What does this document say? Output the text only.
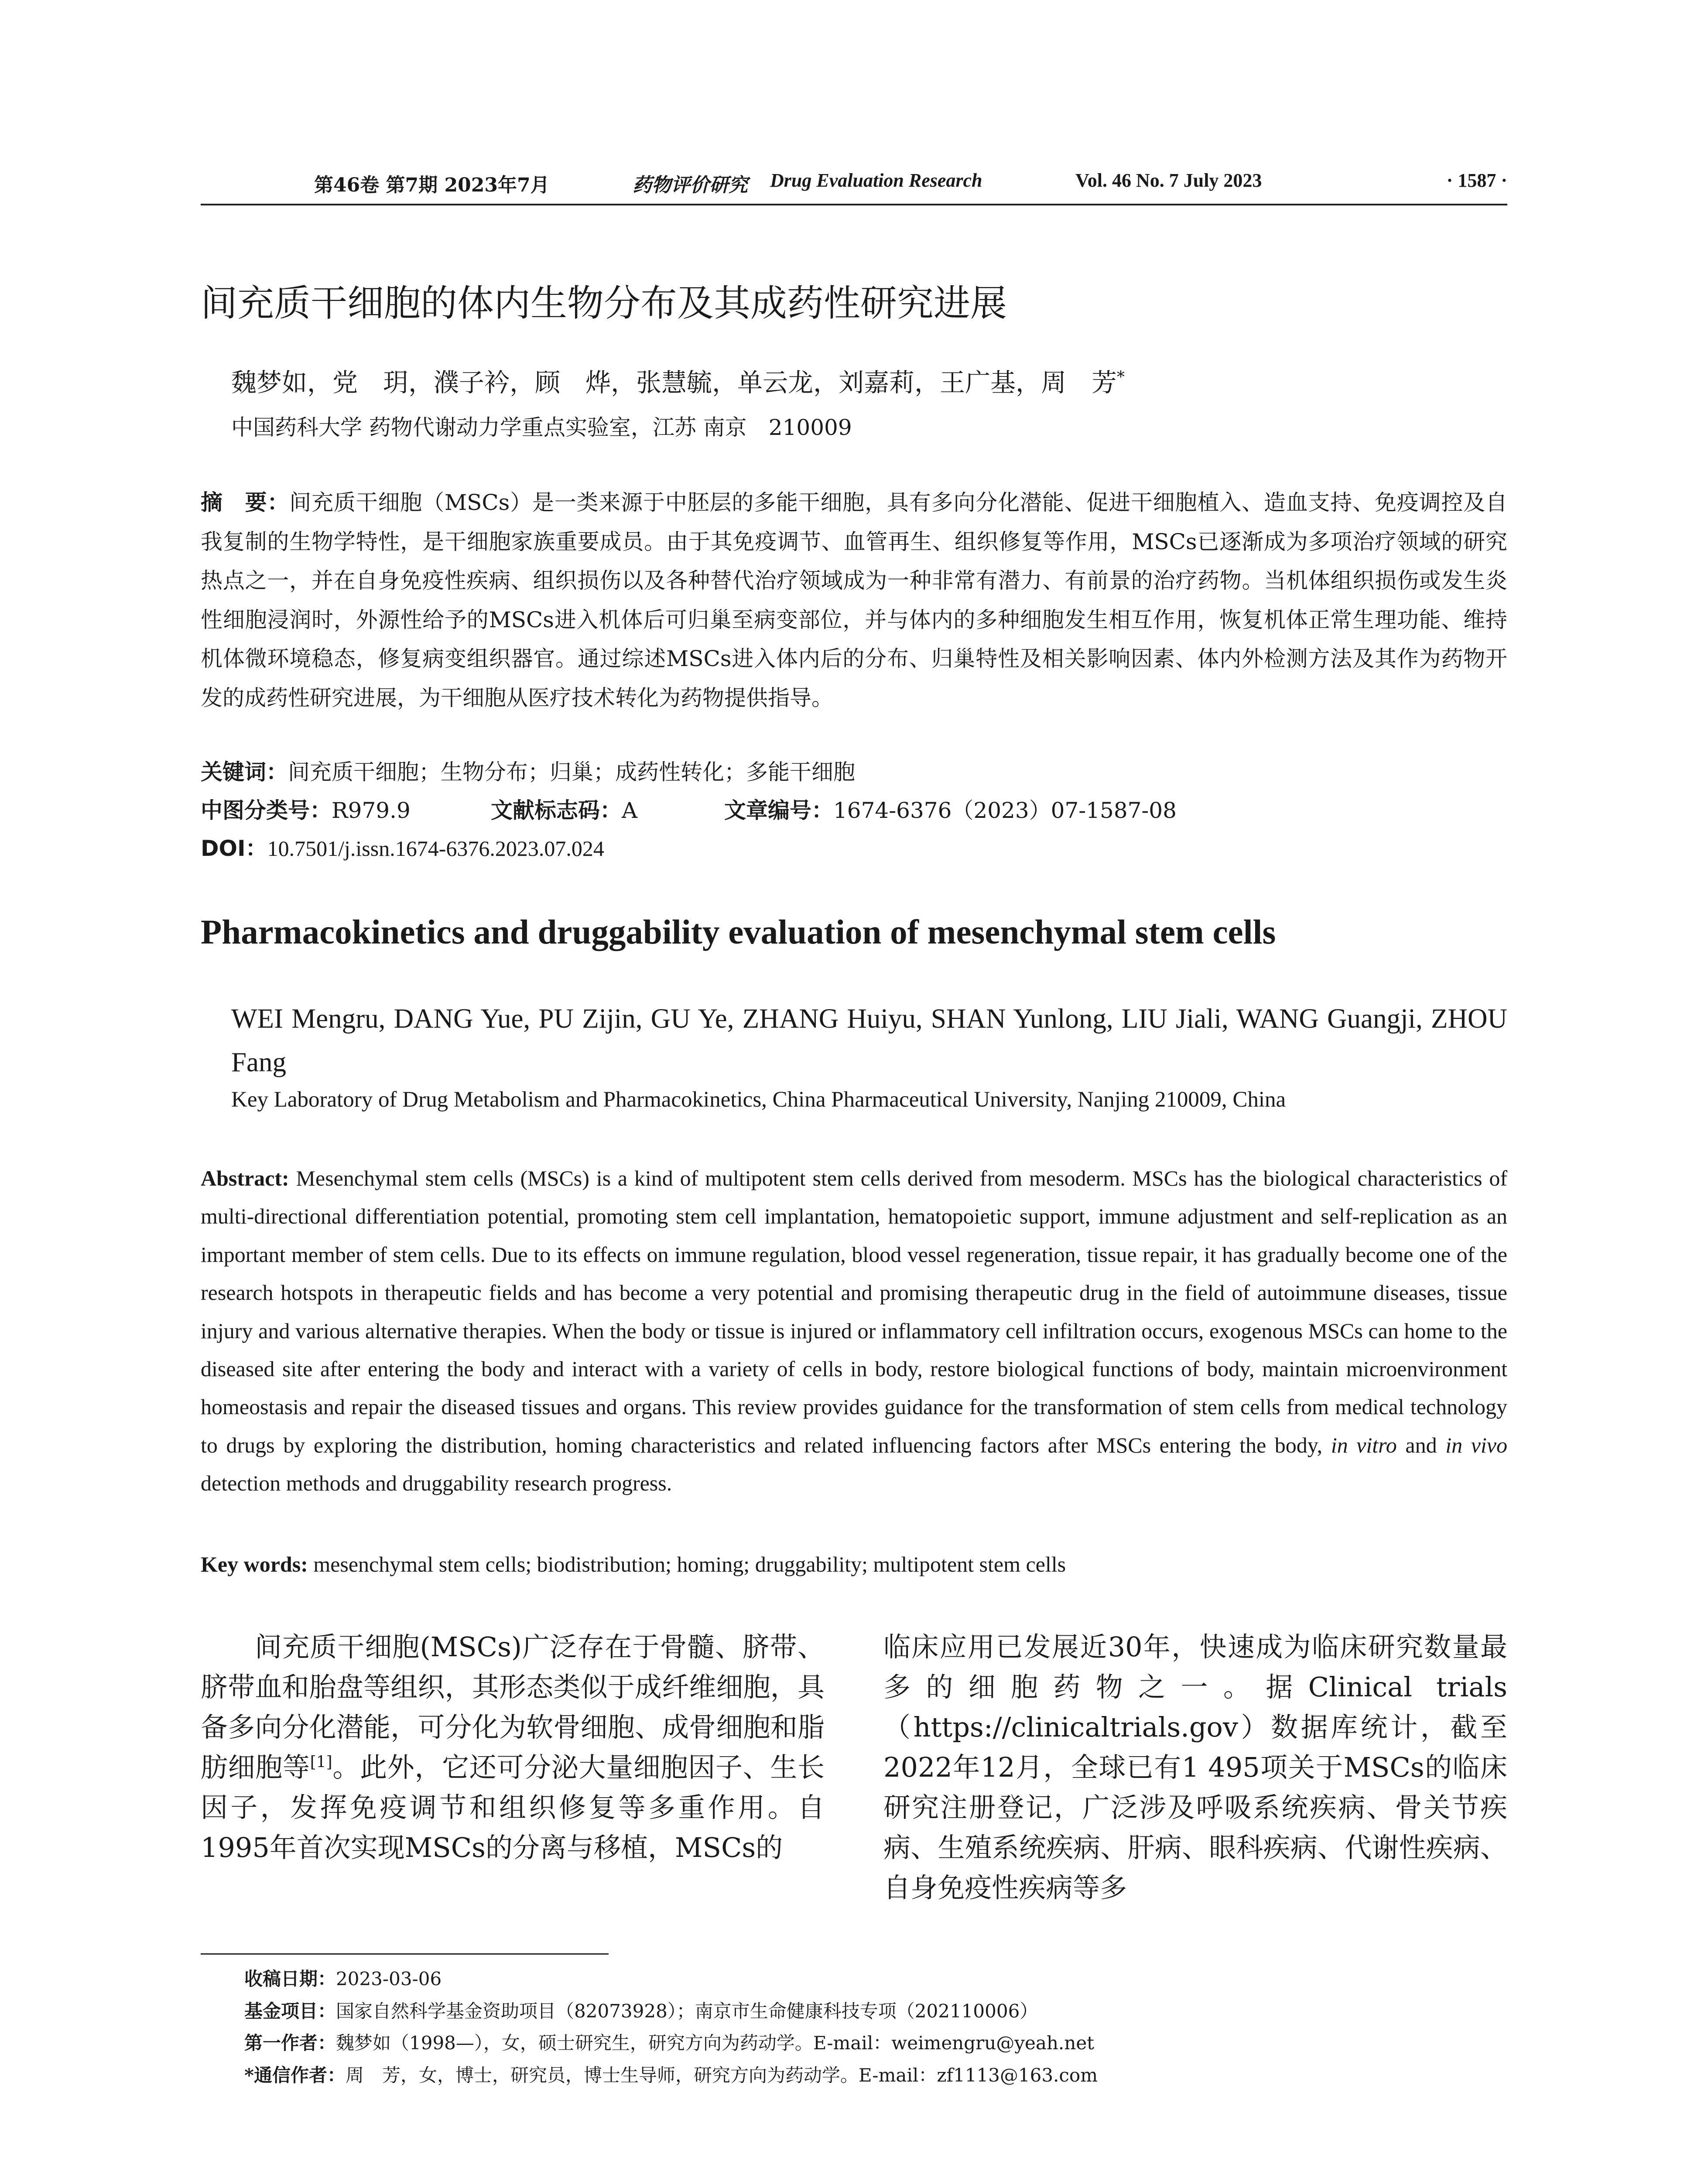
第46卷 第7期 2023年7月	药物评价研究 Drug Evaluation Research	Vol. 46 No. 7 July 2023	· 1587 ·
间充质干细胞的体内生物分布及其成药性研究进展
魏梦如，党　玥，濮子衿，顾　烨，张慧毓，单云龙，刘嘉莉，王广基，周　芳*
中国药科大学 药物代谢动力学重点实验室，江苏 南京　210009
摘　要：间充质干细胞（MSCs）是一类来源于中胚层的多能干细胞，具有多向分化潜能、促进干细胞植入、造血支持、免疫调控及自我复制的生物学特性，是干细胞家族重要成员。由于其免疫调节、血管再生、组织修复等作用，MSCs已逐渐成为多项治疗领域的研究热点之一，并在自身免疫性疾病、组织损伤以及各种替代治疗领域成为一种非常有潜力、有前景的治疗药物。当机体组织损伤或发生炎性细胞浸润时，外源性给予的MSCs进入机体后可归巢至病变部位，并与体内的多种细胞发生相互作用，恢复机体正常生理功能、维持机体微环境稳态，修复病变组织器官。通过综述MSCs进入体内后的分布、归巢特性及相关影响因素、体内外检测方法及其作为药物开发的成药性研究进展，为干细胞从医疗技术转化为药物提供指导。
关键词：间充质干细胞；生物分布；归巢；成药性转化；多能干细胞
中图分类号：R979.9	文献标志码：A	文章编号：1674-6376（2023）07-1587-08
DOI：10.7501/j.issn.1674-6376.2023.07.024
Pharmacokinetics and druggability evaluation of mesenchymal stem cells
WEI Mengru, DANG Yue, PU Zijin, GU Ye, ZHANG Huiyu, SHAN Yunlong, LIU Jiali, WANG Guangji, ZHOU Fang
Key Laboratory of Drug Metabolism and Pharmacokinetics, China Pharmaceutical University, Nanjing 210009, China
Abstract: Mesenchymal stem cells (MSCs) is a kind of multipotent stem cells derived from mesoderm. MSCs has the biological characteristics of multi-directional differentiation potential, promoting stem cell implantation, hematopoietic support, immune adjustment and self-replication as an important member of stem cells. Due to its effects on immune regulation, blood vessel regeneration, tissue repair, it has gradually become one of the research hotspots in therapeutic fields and has become a very potential and promising therapeutic drug in the field of autoimmune diseases, tissue injury and various alternative therapies. When the body or tissue is injured or inflammatory cell infiltration occurs, exogenous MSCs can home to the diseased site after entering the body and interact with a variety of cells in body, restore biological functions of body, maintain microenvironment homeostasis and repair the diseased tissues and organs. This review provides guidance for the transformation of stem cells from medical technology to drugs by exploring the distribution, homing characteristics and related influencing factors after MSCs entering the body, in vitro and in vivo detection methods and druggability research progress.
Key words: mesenchymal stem cells; biodistribution; homing; druggability; multipotent stem cells
间充质干细胞(MSCs)广泛存在于骨髓、脐带、脐带血和胎盘等组织，其形态类似于成纤维细胞，具备多向分化潜能，可分化为软骨细胞、成骨细胞和脂肪细胞等[1]。此外，它还可分泌大量细胞因子、生长因子，发挥免疫调节和组织修复等多重作用。自1995年首次实现MSCs的分离与移植，MSCs的
临床应用已发展近30年，快速成为临床研究数量最多的细胞药物之一。据Clinical trials（https://clinicaltrials.gov）数据库统计，截至2022年12月，全球已有1 495项关于MSCs的临床研究注册登记，广泛涉及呼吸系统疾病、骨关节疾病、生殖系统疾病、肝病、眼科疾病、代谢性疾病、自身免疫性疾病等多
收稿日期：2023-03-06
基金项目：国家自然科学基金资助项目（82073928）；南京市生命健康科技专项（202110006）
第一作者：魏梦如（1998—），女，硕士研究生，研究方向为药动学。E-mail：weimengru@yeah.net
*通信作者：周　芳，女，博士，研究员，博士生导师，研究方向为药动学。E-mail：zf1113@163.com
